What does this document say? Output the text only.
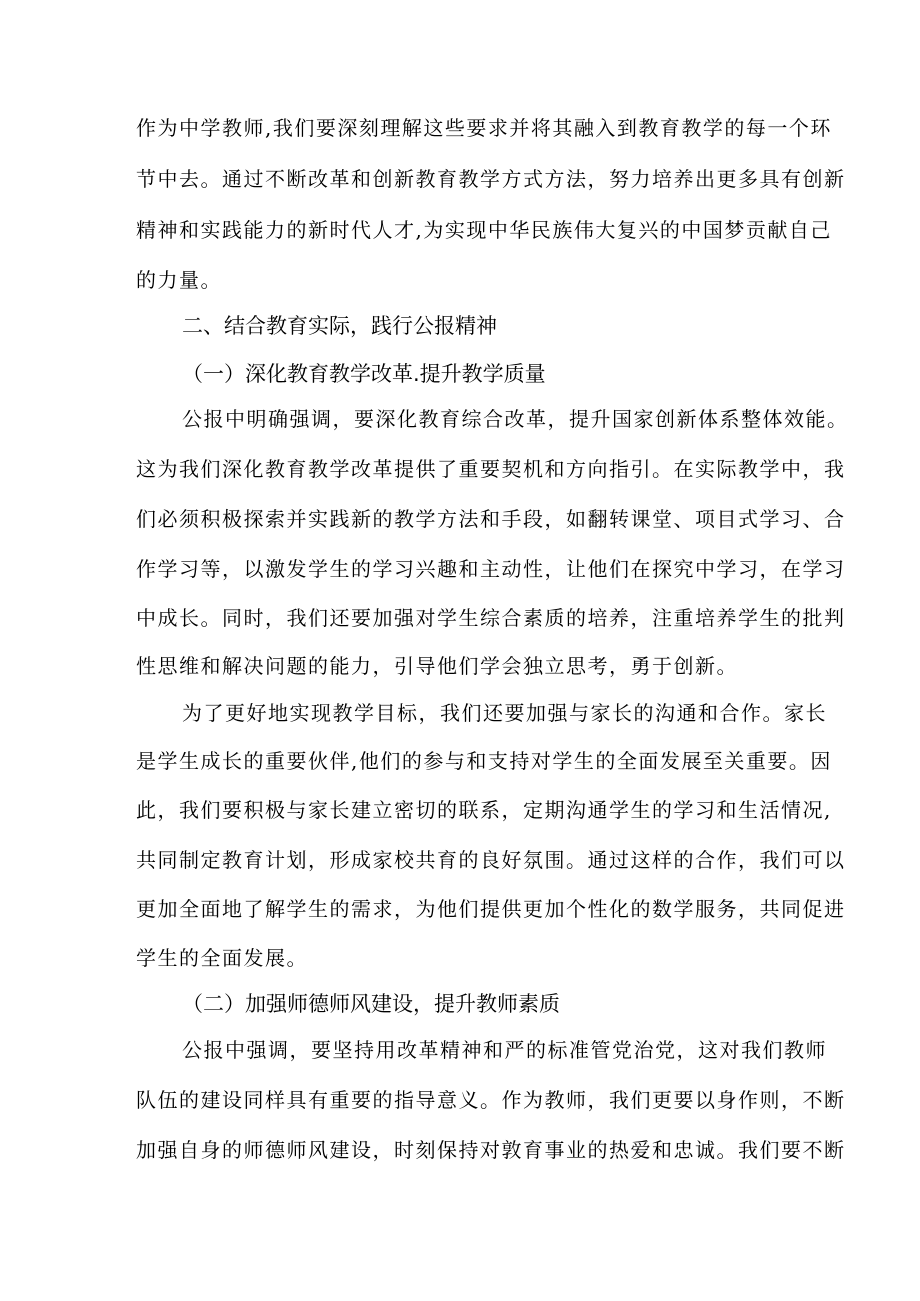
作为中学教师,我们要深刻理解这些要求并将其融入到教育教学的每一个环
节中去。通过不断改革和创新教育教学方式方法，努力培养出更多具有创新
精神和实践能力的新时代人才,为实现中华民族伟大复兴的中国梦贡献自己
的力量。
二、结合教育实际，践行公报精神
（一）深化教育教学改革.提升教学质量
公报中明确强调，要深化教育综合改革，提升国家创新体系整体效能。
这为我们深化教育教学改革提供了重要契机和方向指引。在实际教学中，我
们必须积极探索并实践新的教学方法和手段，如翻转课堂、项目式学习、合
作学习等，以激发学生的学习兴趣和主动性，让他们在探究中学习，在学习
中成长。同时，我们还要加强对学生综合素质的培养，注重培养学生的批判
性思维和解决问题的能力，引导他们学会独立思考，勇于创新。
为了更好地实现教学目标，我们还要加强与家长的沟通和合作。家长
是学生成长的重要伙伴,他们的参与和支持对学生的全面发展至关重要。因
此，我们要积极与家长建立密切的联系，定期沟通学生的学习和生活情况,
共同制定教育计划，形成家校共育的良好氛围。通过这样的合作，我们可以
更加全面地了解学生的需求，为他们提供更加个性化的数学服务，共同促进
学生的全面发展。
（二）加强师德师风建设，提升教师素质
公报中强调，要坚持用改革精神和严的标准管党治党，这对我们教师
队伍的建设同样具有重要的指导意义。作为教师，我们更要以身作则，不断
加强自身的师德师风建设，时刻保持对敦育事业的热爱和忠诚。我们要不断
